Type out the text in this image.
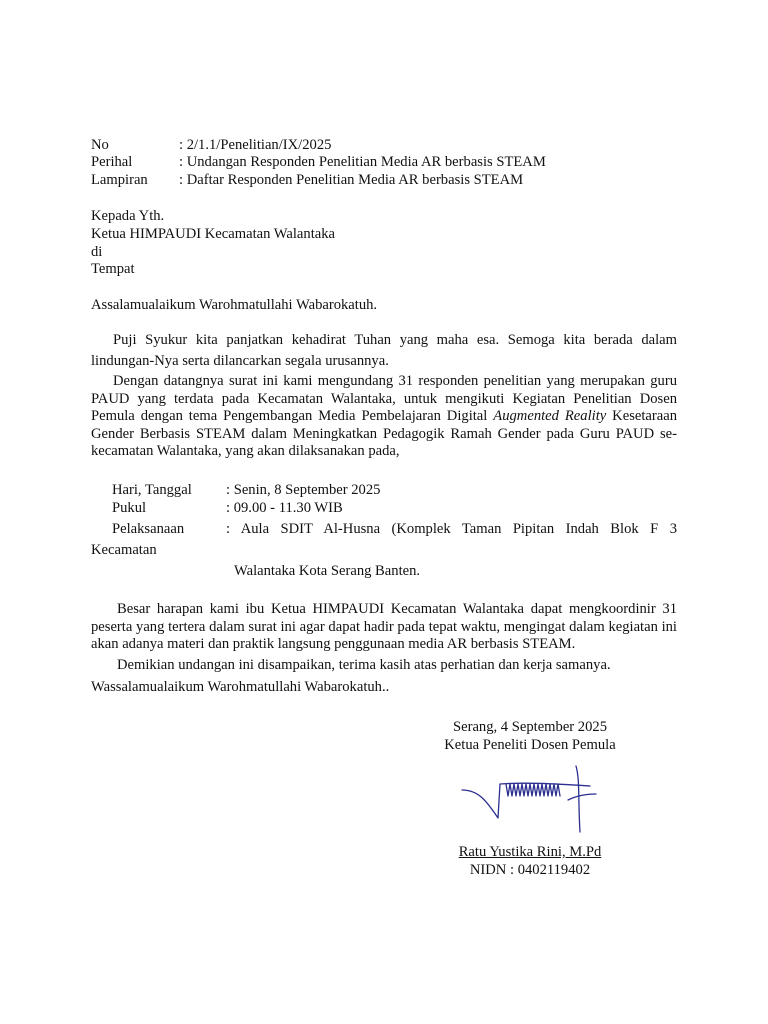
No	: 2/1.1/Penelitian/IX/2025
Perihal	: Undangan Responden Penelitian Media AR berbasis STEAM
Lampiran : Daftar Responden Penelitian Media AR berbasis STEAM
Kepada Yth.
Ketua HIMPAUDI Kecamatan Walantaka
di
Tempat
Assalamualaikum Warohmatullahi Wabarokatuh.
Puji Syukur kita panjatkan kehadirat Tuhan yang maha esa. Semoga kita berada dalam lindungan-Nya serta dilancarkan segala urusannya.
Dengan datangnya surat ini kami mengundang 31 responden penelitian yang merupakan guru PAUD yang terdata pada Kecamatan Walantaka, untuk mengikuti Kegiatan Penelitian Dosen Pemula dengan tema Pengembangan Media Pembelajaran Digital Augmented Reality Kesetaraan Gender Berbasis STEAM dalam Meningkatkan Pedagogik Ramah Gender pada Guru PAUD se-kecamatan Walantaka, yang akan dilaksanakan pada,
Hari, Tanggal : Senin, 8 September 2025
Pukul	: 09.00 - 11.30 WIB
Pelaksanaan	: Aula SDIT Al-Husna (Komplek Taman Pipitan Indah Blok F 3
Kecamatan
Walantaka Kota Serang Banten.
Besar harapan kami ibu Ketua HIMPAUDI Kecamatan Walantaka dapat mengkoordinir 31 peserta yang tertera dalam surat ini agar dapat hadir pada tepat waktu, mengingat dalam kegiatan ini akan adanya materi dan praktik langsung penggunaan media AR berbasis STEAM.
Demikian undangan ini disampaikan, terima kasih atas perhatian dan kerja samanya.
Wassalamualaikum Warohmatullahi Wabarokatuh..
Serang, 4 September 2025
Ketua Peneliti Dosen Pemula
Ratu Yustika Rini, M.Pd
NIDN : 0402119402
